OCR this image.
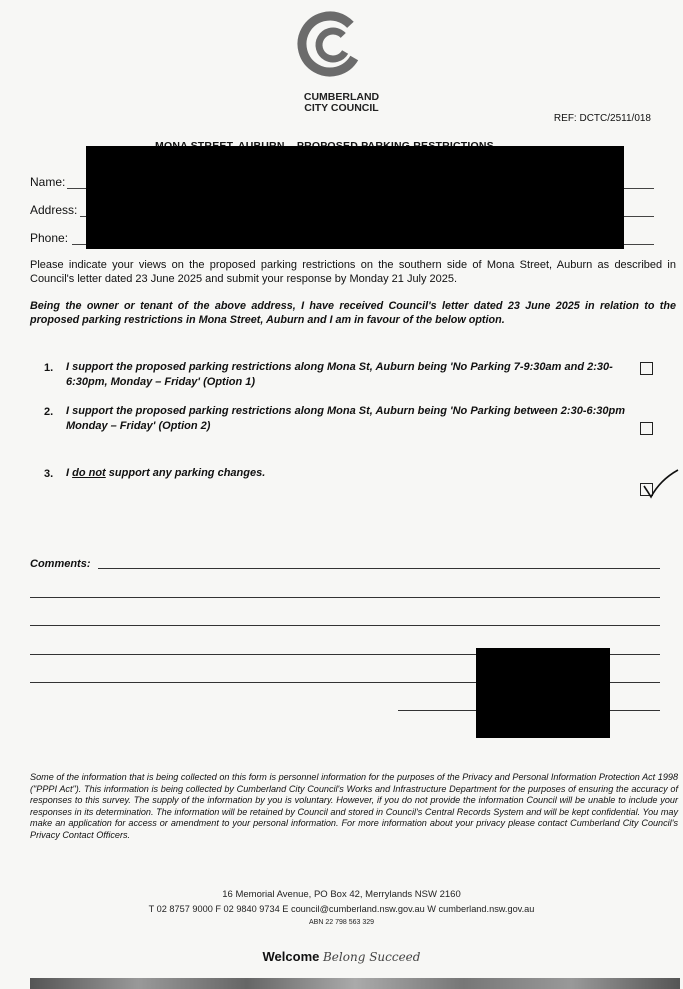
CUMBERLAND
CITY COUNCIL
REF: DCTC/2511/018
Name:
Address:
Phone:
Please indicate your views on the proposed parking restrictions on the southern side of Mona Street, Auburn as described in Council's letter dated 23 June 2025 and submit your response by Monday 21 July 2025.
Being the owner or tenant of the above address, I have received Council's letter dated 23 June 2025 in relation to the proposed parking restrictions in Mona Street, Auburn and I am in favour of the below option.
1. I support the proposed parking restrictions along Mona St, Auburn being 'No Parking 7-9:30am and 2:30-6:30pm, Monday – Friday' (Option 1)
2. I support the proposed parking restrictions along Mona St, Auburn being 'No Parking between 2:30-6:30pm Monday – Friday' (Option 2)
3. I do not support any parking changes.
Comments:
Some of the information that is being collected on this form is personnel information for the purposes of the Privacy and Personal Information Protection Act 1998 ("PPPI Act"). This information is being collected by Cumberland City Council's Works and Infrastructure Department for the purposes of ensuring the accuracy of responses to this survey. The supply of the information by you is voluntary. However, if you do not provide the information Council will be unable to include your responses in its determination. The information will be retained by Council and stored in Council's Central Records System and will be kept confidential. You may make an application for access or amendment to your personal information. For more information about your privacy please contact Cumberland City Council's Privacy Contact Officers.
16 Memorial Avenue, PO Box 42, Merrylands NSW 2160
T 02 8757 9000 F 02 9840 9734 E council@cumberland.nsw.gov.au W cumberland.nsw.gov.au
ABN 22 798 563 329
Welcome Belong Succeed
